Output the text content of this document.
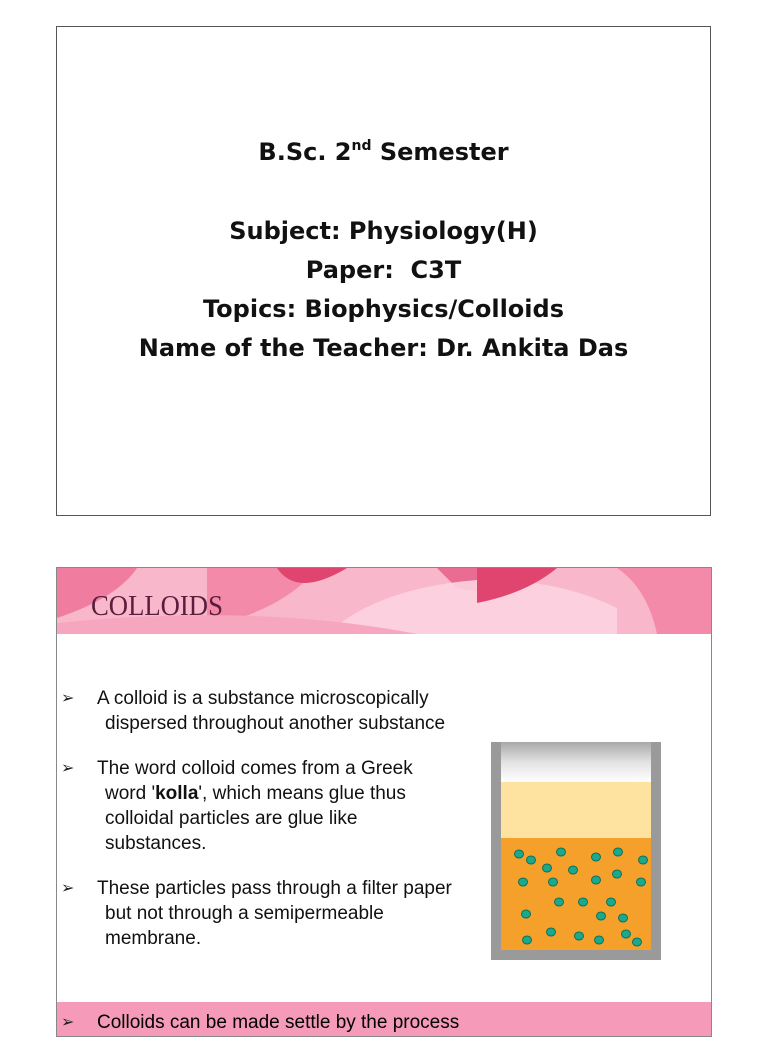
B.Sc. 2nd Semester
Subject: Physiology(H)
Paper:  C3T
Topics: Biophysics/Colloids
Name of the Teacher: Dr. Ankita Das
COLLOIDS
➢ A colloid is a substance microscopically
dispersed throughout another substance
➢ The word colloid comes from a Greek
word 'kolla', which means glue thus
colloidal particles are glue like
substances.
➢ These particles pass through a filter paper
but not through a semipermeable
membrane.
➢ Colloids can be made settle by the process
